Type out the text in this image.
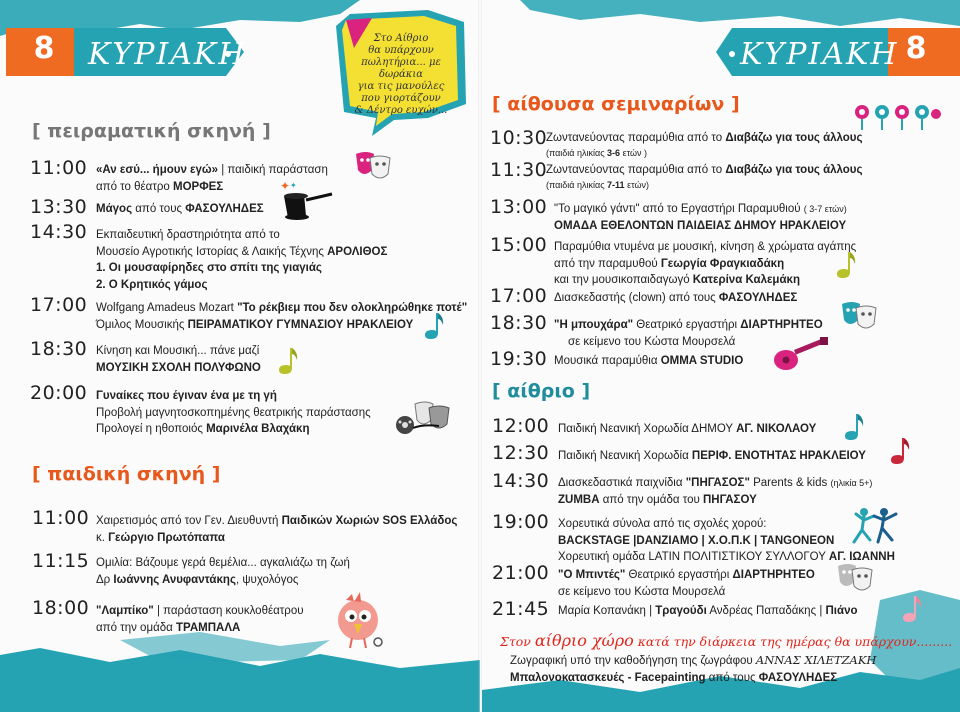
8	ΚΥΡΙΑΚΗ	Στο Αίθριο
θα υπάρχουν
πωλητήρια... με δωράκια
για τις μανούλες
που γιορτάζουν
& Δέντρο ευχών...
[ πειραματική σκηνή ]
11:00 «Αν εσύ... ήμουν εγώ» | παιδική παράσταση
από το θέατρο ΜΟΡΦΕΣ
13:30 Μάγος από τους ΦΑΣΟΥΛΗΔΕΣ
✦ ✦
14:30 Εκπαιδευτική δραστηριότητα από το
Μουσείο Αγροτικής Ιστορίας & Λαικής Τέχνης ΑΡΟΛΙΘΟΣ
1. Οι μουσαφίρηδες στο σπίτι της γιαγιάς
2. Ο Κρητικός γάμος
17:00 Wolfgang Amadeus Mozart "Το ρέκβιεμ που δεν ολοκληρώθηκε ποτέ"
Όμιλος Μουσικής ΠΕΙΡΑΜΑΤΙΚΟΥ ΓΥΜΝΑΣΙΟΥ ΗΡΑΚΛΕΙΟΥ
18:30 Κίνηση και Μουσική... πάνε μαζί
ΜΟΥΣΙΚΗ ΣΧΟΛΗ ΠΟΛΥΦΩΝΟ
20:00 Γυναίκες που έγιναν ένα με τη γή
Προβολή μαγνητοσκοπημένης θεατρικής παράστασης
Προλογεί η ηθοποιός Μαρινέλα Βλαχάκη
[ παιδική σκηνή ]
11:00 Χαιρετισμός από τον Γεν. Διευθυντή Παιδικών Χωριών SOS Ελλάδος
κ. Γεώργιο Πρωτόπαπα
11:15 Ομιλία: Βάζουμε γερά θεμέλια... αγκαλιάζω τη ζωή
Δρ Ιωάννης Ανυφαντάκης, ψυχολόγος
18:00 "Λαμπίκο" | παράσταση κουκλοθέατρου
από την ομάδα ΤΡΑΜΠΑΛΑ
ΚΥΡΙΑΚΗ 8
[ αίθουσα σεμιναρίων ]
10:30
Ζωντανεύοντας παραμύθια από το Διαβάζω για τους άλλους
(παιδιά ηλικίας 3-6 ετών )
11:30
Ζωντανεύοντας παραμύθια από το Διαβάζω για τους άλλους
(παιδιά ηλικίας 7-11 ετών)
13:00 "Το μαγικό γάντι" από το Εργαστήρι Παραμυθιού ( 3-7 ετών)
ΟΜΑΔΑ ΕΘΕΛΟΝΤΩΝ ΠΑΙΔΕΙΑΣ ΔΗΜΟΥ ΗΡΑΚΛΕΙΟΥ
15:00 Παραμύθια ντυμένα με μουσική, κίνηση & χρώματα αγάπης
από την παραμυθού Γεωργία Φραγκιαδάκη
και την μουσικοπαιδαγωγό Κατερίνα Καλεμάκη
17:00 Διασκεδαστής (clown) από τους ΦΑΣΟΥΛΗΔΕΣ
18:30 "Η μπουχάρα" Θεατρικό εργαστήρι ΔΙΑΡΤΗΡΗΤΕΟ
σε κείμενο του Κώστα Μουρσελά
19:30 Μουσικά παραμύθια OMMA STUDIO
[ αίθριο ]
12:00 Παιδική Νεανική Χορωδία ΔΗΜΟΥ ΑΓ. ΝΙΚΟΛΑΟΥ
12:30 Παιδική Νεανική Χορωδία ΠΕΡΙΦ. ΕΝΟΤΗΤΑΣ ΗΡΑΚΛΕΙΟΥ
14:30 Διασκεδαστικά παιχνίδια "ΠΗΓΑΣΟΣ" Parents & kids (ηλικία 5+)
ZUMBA από την ομάδα του ΠΗΓΑΣΟΥ
19:00 Χορευτικά σύνολα από τις σχολές χορού:
BACKSTAGE |DANZIAMO | Χ.Ο.Π.Κ | TANGONEON
Χορευτική ομάδα LATIN ΠΟΛΙΤΙΣΤΙΚΟΥ ΣΥΛΛΟΓΟΥ ΑΓ. ΙΩΑΝΝΗ
21:00 "Ο Μπιντές" Θεατρικό εργαστήρι ΔΙΑΡΤΗΡΗΤΕΟ
σε κείμενο του Κώστα Μουρσελά
21:45 Μαρία Κοπανάκη | Τραγούδι Ανδρέας Παπαδάκης | Πιάνο
Στον αίθριο χώρο κατά την διάρκεια της ημέρας θα υπάρχουν.........
Ζωγραφική υπό την καθοδήγηση της ζωγράφου ΑΝΝΑΣ ΧΙΛΕΤΖΑΚΗ
Μπαλονοκατασκευές - Facepainting από τους ΦΑΣΟΥΛΗΔΕΣ
